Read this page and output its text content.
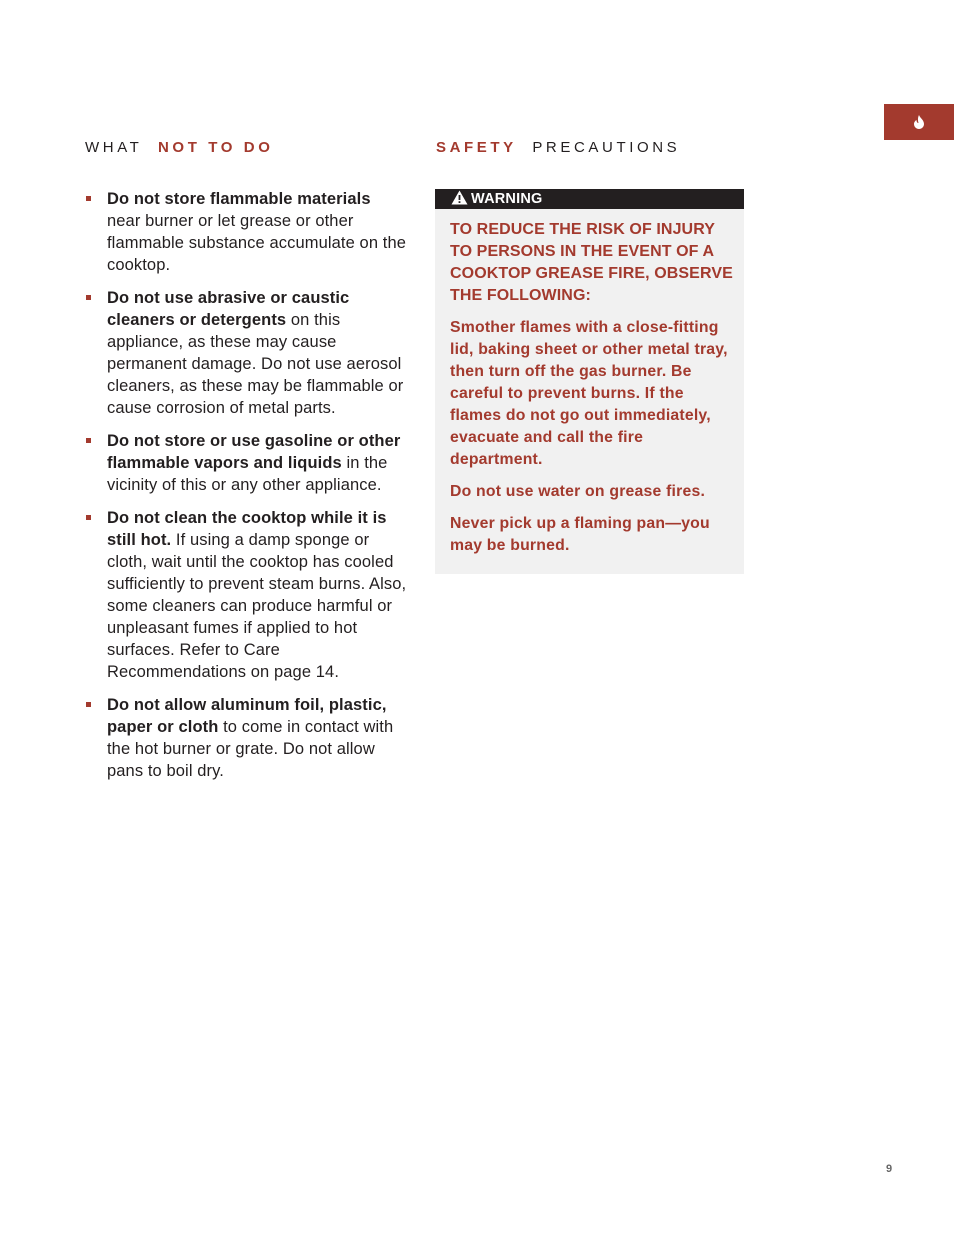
WHAT NOT TO DO	SAFETY PRECAUTIONS
Do not store flammable materials near burner or let grease or other flammable substance accumulate on the cooktop.
Do not use abrasive or caustic cleaners or detergents on this appliance, as these may cause permanent damage. Do not use aerosol cleaners, as these may be flammable or cause corrosion of metal parts.
Do not store or use gasoline or other flammable vapors and liquids in the vicinity of this or any other appliance.
Do not clean the cooktop while it is still hot. If using a damp sponge or cloth, wait until the cooktop has cooled sufficiently to prevent steam burns. Also, some cleaners can produce harmful or unpleasant fumes if applied to hot surfaces. Refer to Care Recommendations on page 14.
Do not allow aluminum foil, plastic, paper or cloth to come in contact with the hot burner or grate. Do not allow pans to boil dry.
WARNING

TO REDUCE THE RISK OF INJURY TO PERSONS IN THE EVENT OF A COOKTOP GREASE FIRE, OBSERVE THE FOLLOWING:

Smother flames with a close-fitting lid, baking sheet or other metal tray, then turn off the gas burner. Be careful to prevent burns. If the flames do not go out immediately, evacuate and call the fire department.

Do not use water on grease fires.

Never pick up a flaming pan—you may be burned.

9
